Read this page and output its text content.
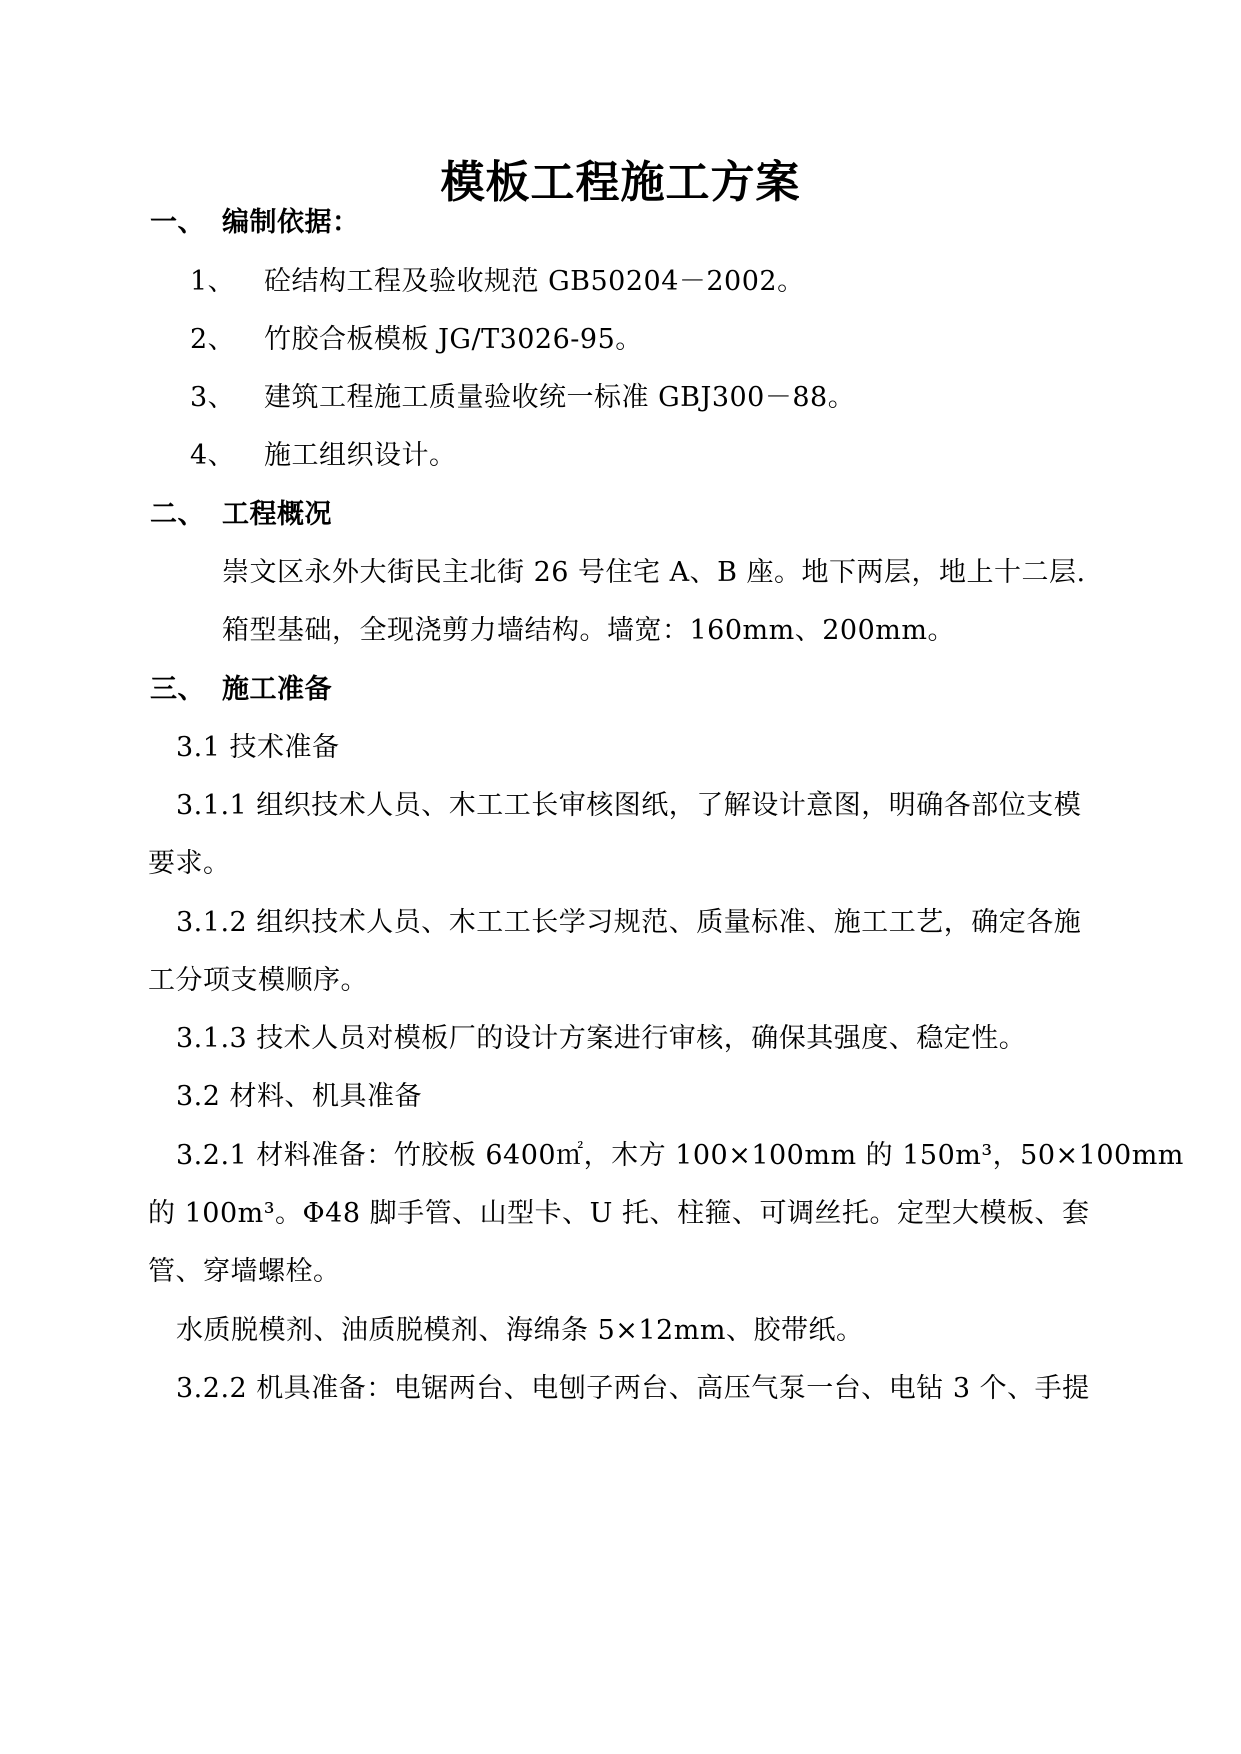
模板工程施工方案
一、 编制依据：
1、 砼结构工程及验收规范 GB50204－2002。
2、 竹胶合板模板 JG/T3026-95。
3、 建筑工程施工质量验收统一标准 GBJ300－88。
4、 施工组织设计。
二、 工程概况
崇文区永外大街民主北街 26 号住宅 A、B 座。地下两层，地上十二层.
箱型基础，全现浇剪力墙结构。墙宽：160mm、200mm。
三、 施工准备
3.1 技术准备
3.1.1 组织技术人员、木工工长审核图纸，了解设计意图，明确各部位支模
要求。
3.1.2 组织技术人员、木工工长学习规范、质量标准、施工工艺，确定各施
工分项支模顺序。
3.1.3 技术人员对模板厂的设计方案进行审核，确保其强度、稳定性。
3.2 材料、机具准备
3.2.1 材料准备：竹胶板 6400㎡，木方 100×100mm 的 150m³，50×100mm
的 100m³。Φ48 脚手管、山型卡、U 托、柱箍、可调丝托。定型大模板、套
管、穿墙螺栓。
水质脱模剂、油质脱模剂、海绵条 5×12mm、胶带纸。
3.2.2 机具准备：电锯两台、电刨子两台、高压气泵一台、电钻 3 个、手提
